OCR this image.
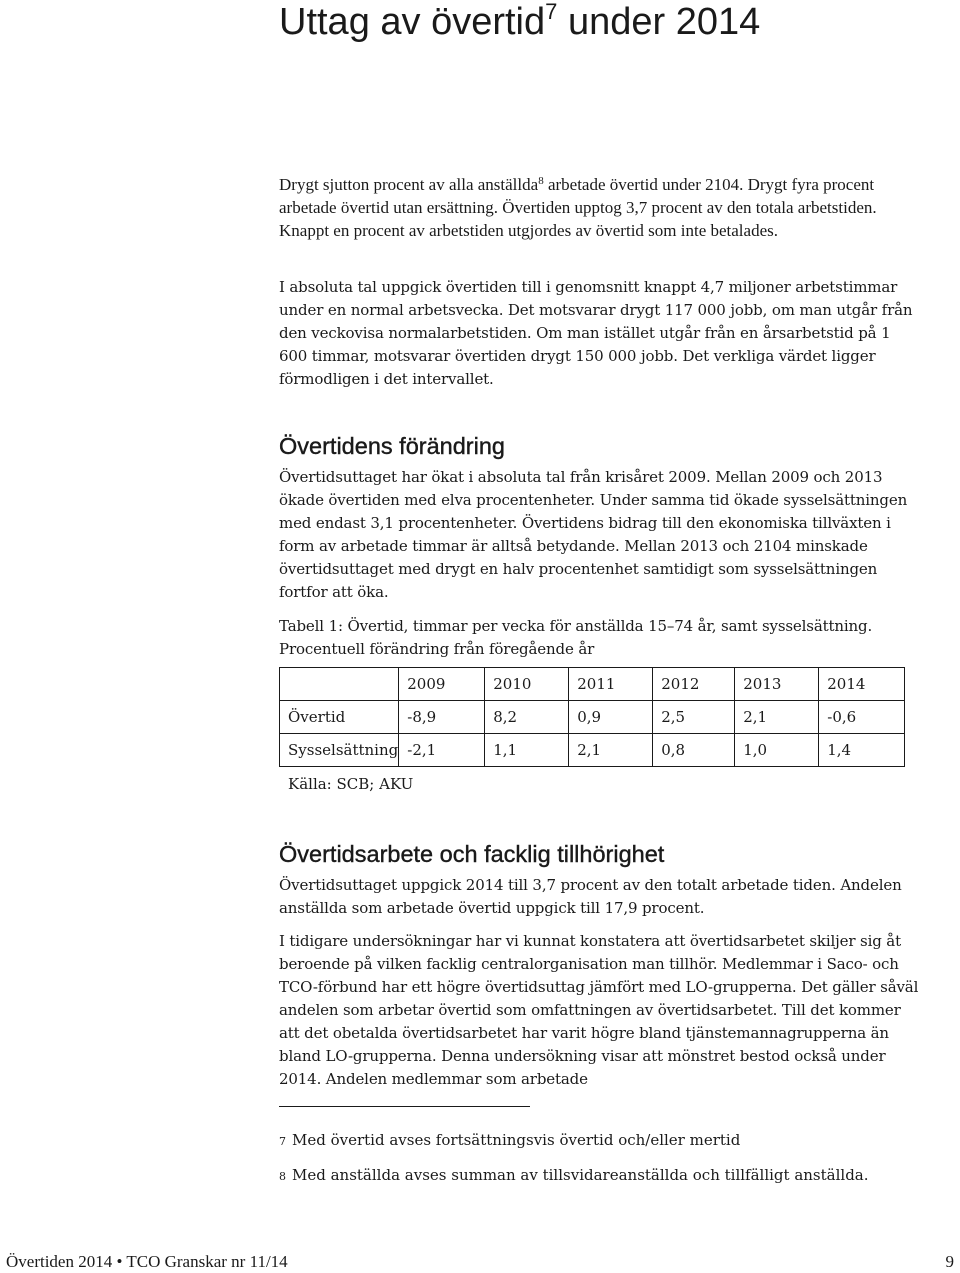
Uttag av övertid$^7$ under 2014

Drygt sjutton procent av alla anställda$^8$ arbetade övertid under 2104. Drygt fyra procent arbetade övertid utan ersättning. Övertiden upptog 3,7 procent av den totala arbetstiden. Knappt en procent av arbetstiden utgjordes av övertid som inte betalades.

I absoluta tal uppgick övertiden till i genomsnitt knappt 4,7 miljoner arbetstimmar under en normal arbetsvecka. Det motsvarar drygt 117 000 jobb, om man utgår från den veckovisa normalarbetstiden. Om man istället utgår från en årsarbetstid på 1 600 timmar, motsvarar övertiden drygt 150 000 jobb. Det verkliga värdet ligger förmodligen i det intervallet.

Övertidens förändring

Övertidsuttaget har ökat i absoluta tal från krisåret 2009. Mellan 2009 och 2013 ökade övertiden med elva procentenheter. Under samma tid ökade sysselsättningen med endast 3,1 procentenheter. Övertidens bidrag till den ekonomiska tillväxten i form av arbetade timmar är alltså betydande. Mellan 2013 och 2104 minskade övertidsuttaget med drygt en halv procentenhet samtidigt som sysselsättningen fortfor att öka.

Tabell 1: Övertid, timmar per vecka för anställda 15–74 år, samt sysselsättning. Procentuell förändring från föregående år

	2009	2010	2011	2012	2013	2014
Övertid	-8,9	8,2	0,9	2,5	2,1	-0,6
Sysselsättning	-2,1	1,1	2,1	0,8	1,0	1,4

Källa: SCB; AKU

Övertidsarbete och facklig tillhörighet

Övertidsuttaget uppgick 2014 till 3,7 procent av den totalt arbetade tiden. Andelen anställda som arbetade övertid uppgick till 17,9 procent.

I tidigare undersökningar har vi kunnat konstatera att övertidsarbetet skiljer sig åt beroende på vilken facklig centralorganisation man tillhör. Medlemmar i Saco- och TCO-förbund har ett högre övertidsuttag jämfört med LO-grupperna. Det gäller såväl andelen som arbetar övertid som omfattningen av övertidsarbetet. Till det kommer att det obetalda övertidsarbetet har varit högre bland tjänstemannagrupperna än bland LO-grupperna. Denna undersökning visar att mönstret bestod också under 2014. Andelen medlemmar som arbetade

7 Med övertid avses fortsättningsvis övertid och/eller mertid

8 Med anställda avses summan av tillsvidareanställda och tillfälligt anställda.

Övertiden 2014 • TCO Granskar nr 11/14	9
